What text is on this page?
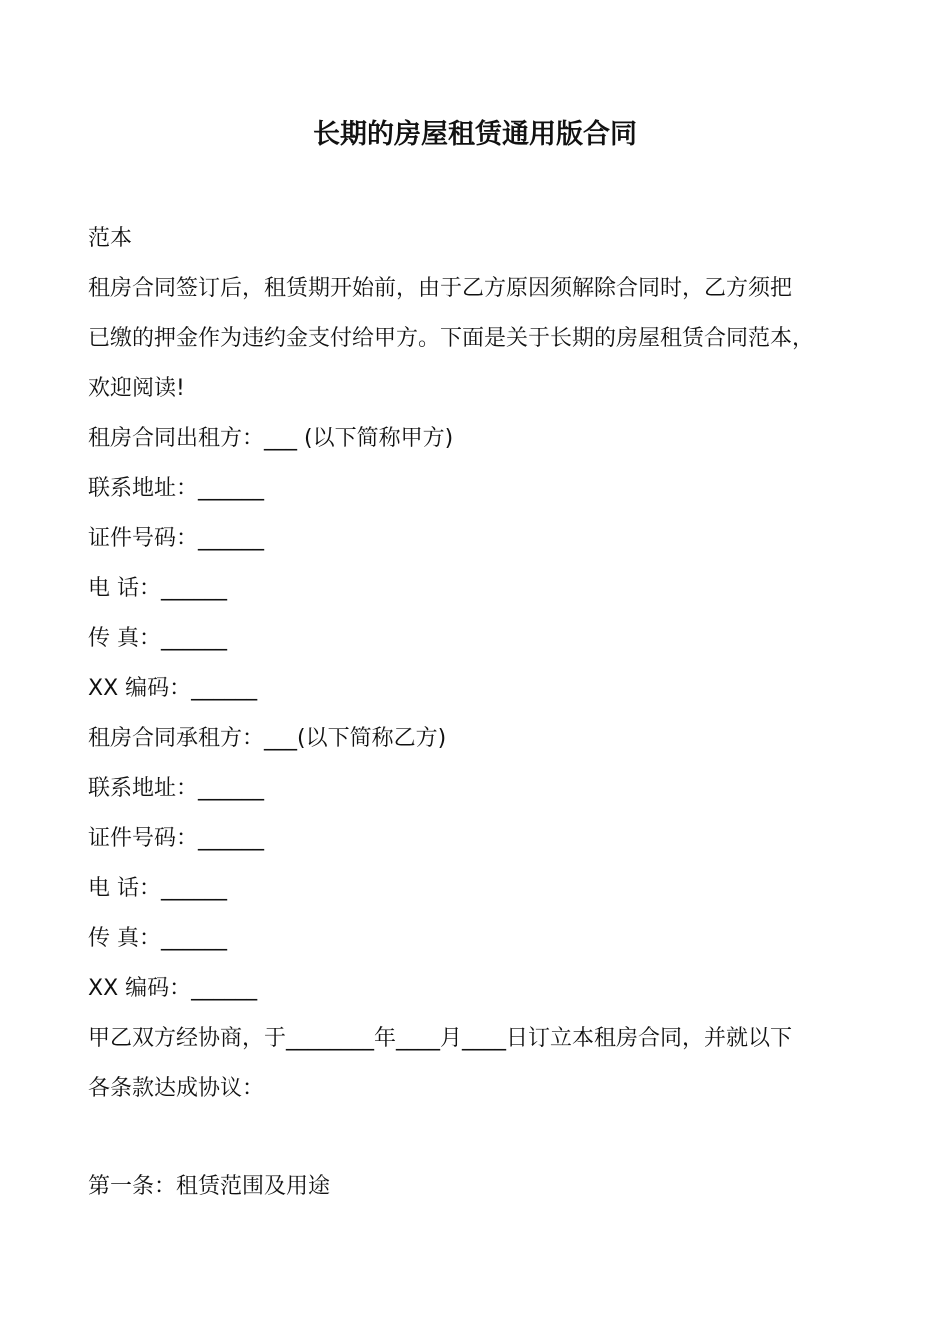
长期的房屋租赁通用版合同
范本
租房合同签订后，租赁期开始前，由于乙方原因须解除合同时，乙方须把
已缴的押金作为违约金支付给甲方。下面是关于长期的房屋租赁合同范本，
欢迎阅读!
租房合同出租方：___ (以下简称甲方)
联系地址：______
证件号码：______
电 话：______
传 真：______
XX 编码：______
租房合同承租方：___(以下简称乙方)
联系地址：______
证件号码：______
电 话：______
传 真：______
XX 编码：______
甲乙双方经协商，于________年____月____日订立本租房合同，并就以下
各条款达成协议：
第一条：租赁范围及用途
